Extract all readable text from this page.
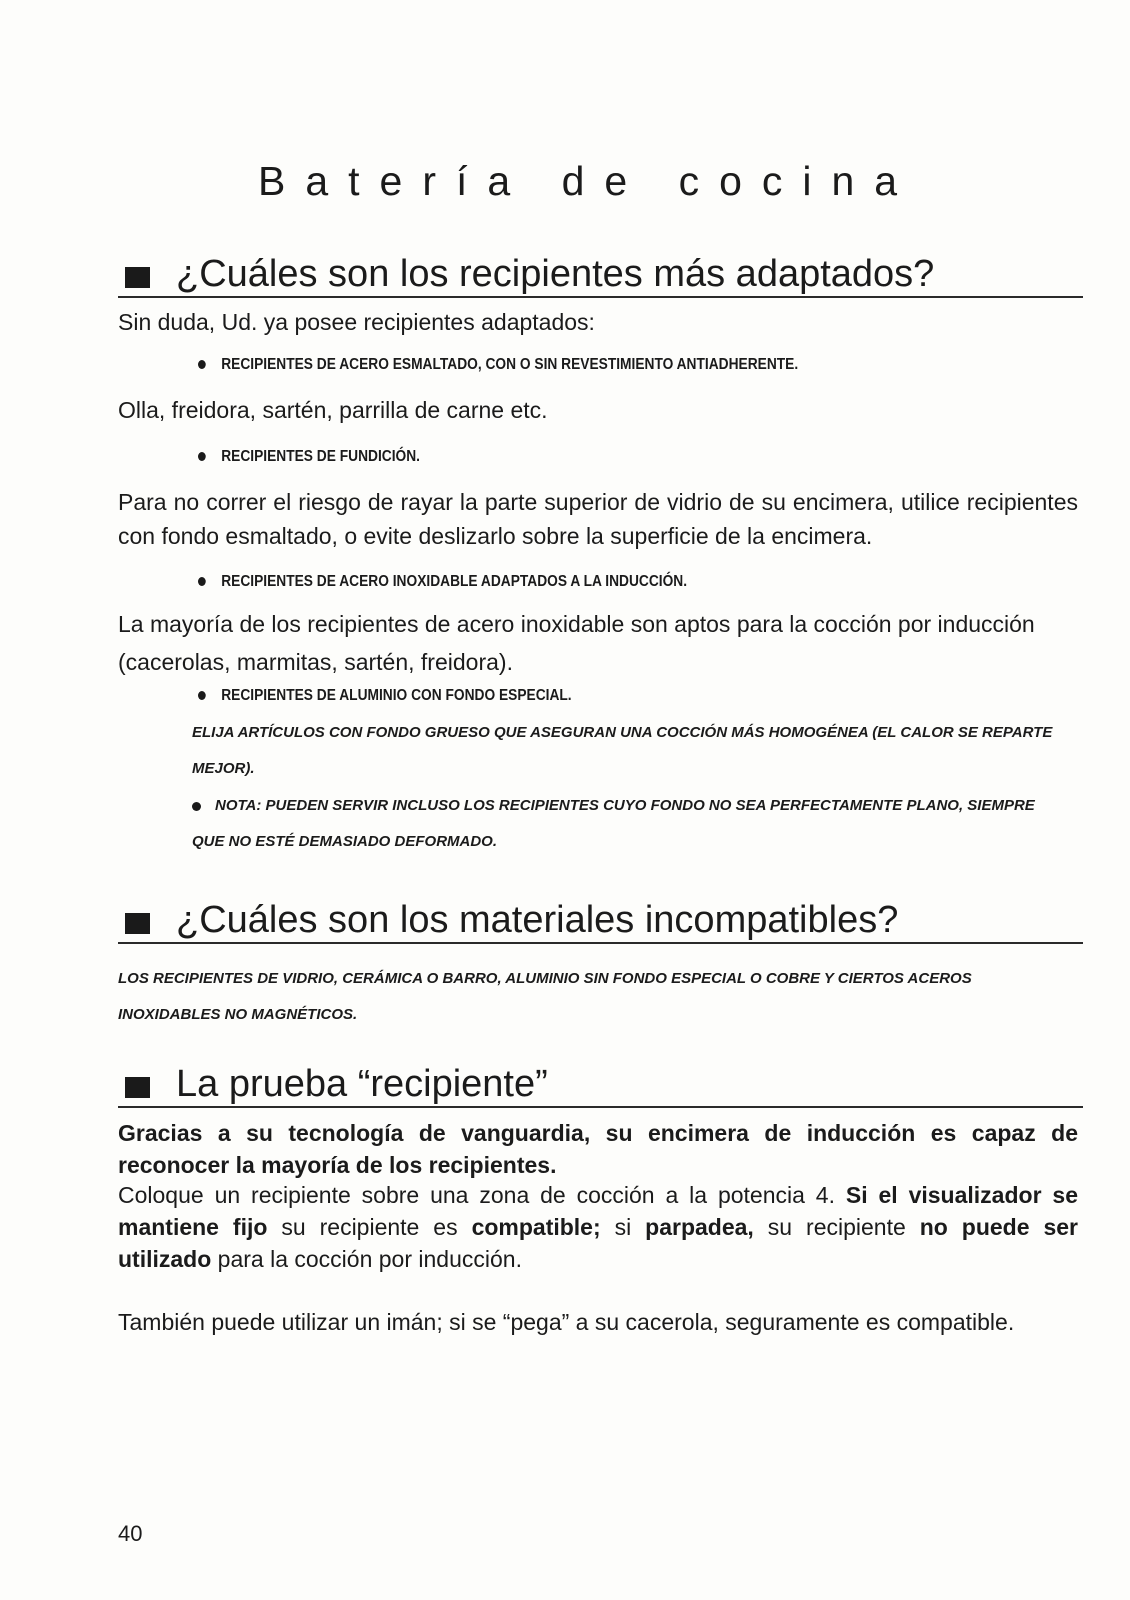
Batería de cocina
¿Cuáles son los recipientes más adaptados?

Sin duda, Ud. ya posee recipientes adaptados:

RECIPIENTES DE ACERO ESMALTADO, CON O SIN REVESTIMIENTO ANTIADHERENTE.

Olla, freidora, sartén, parrilla de carne etc.

RECIPIENTES DE FUNDICIÓN.

Para no correr el riesgo de rayar la parte superior de vidrio de su encimera, utilice recipientes con fondo esmaltado, o evite deslizarlo sobre la superficie de la encimera.

RECIPIENTES DE ACERO INOXIDABLE ADAPTADOS A LA INDUCCIÓN.

La mayoría de los recipientes de acero inoxidable son aptos para la cocción por inducción (cacerolas, marmitas, sartén, freidora).

RECIPIENTES DE ALUMINIO CON FONDO ESPECIAL.

ELIJA ARTÍCULOS CON FONDO GRUESO QUE ASEGURAN UNA COCCIÓN MÁS HOMOGÉNEA (EL CALOR SE REPARTE MEJOR).

NOTA: PUEDEN SERVIR INCLUSO LOS RECIPIENTES CUYO FONDO NO SEA PERFECTAMENTE PLANO, SIEMPRE QUE NO ESTÉ DEMASIADO DEFORMADO.

¿Cuáles son los materiales incompatibles?

LOS RECIPIENTES DE VIDRIO, CERÁMICA O BARRO, ALUMINIO SIN FONDO ESPECIAL O COBRE Y CIERTOS ACEROS INOXIDABLES NO MAGNÉTICOS.

La prueba “recipiente”

Gracias a su tecnología de vanguardia, su encimera de inducción es capaz de reconocer la mayoría de los recipientes.

Coloque un recipiente sobre una zona de cocción a la potencia 4. Si el visualizador se mantiene fijo su recipiente es compatible; si parpadea, su recipiente no puede ser utilizado para la cocción por inducción.

También puede utilizar un imán; si se “pega” a su cacerola, seguramente es compatible.

40
